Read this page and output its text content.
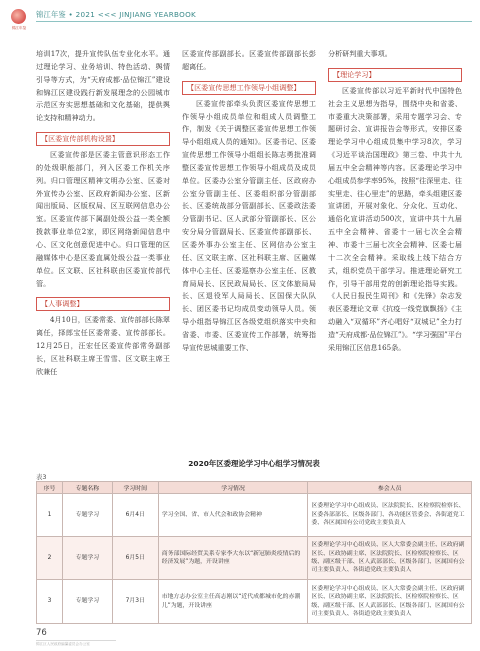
锦江年鉴
锦江年鉴 • 2021 <<< JINJIANG YEARBOOK

培训17次，提升宣传队伍专业化水平。通过理论学习、业务培训、特色活动、舆情引导等方式，为“天府成都·品位锦江”建设和锦江区建设践行新发展理念的公园城市示范区夯实思想基础和文化基础，提供舆论支持和精神动力。

【区委宣传部机构设置】

区委宣传部是区委主管意识形态工作的处级职能部门，列入区委工作机关序列。归口管理区精神文明办公室、区委对外宣传办公室、区政府新闻办公室、区新闻出版局、区版权局、区互联网信息办公室。区委宣传部下属副处级公益一类全额拨款事业单位2家，即区网络新闻信息中心、区文化创意促进中心。归口管理的区融媒体中心是区委直属处级公益一类事业单位。区文联、区社科联由区委宣传部代管。

【人事调整】

4月10日，区委常委、宣传部部长陈翠离任，择郎宝任区委常委、宣传部部长。12月25日，汪宏任区委宣传部常务副部长，区社科联主席王雪雪、区文联主席王欣兼任

区委宣传部副部长。区委宣传部副部长彭超离任。

【区委宣传思想工作领导小组调整】

区委宣传部牵头负责区委宣传思想工作领导小组成员单位和组成人员调整工作，制发《关于调整区委宣传思想工作领导小组组成人员的通知》。区委书记、区委宣传思想工作领导小组组长陈志勇批准调整区委宣传思想工作领导小组成员及成员单位。区委办公室分管副主任、区政府办公室分管副主任、区委组织部分管副部长、区委统战部分管副部长、区委政法委分管副书记、区人武部分管副部长、区公安分局分管副局长、区委宣传部副部长、区委外事办公室主任、区网信办公室主任、区文联主席、区社科联主席、区融媒体中心主任、区委巡察办公室主任、区教育局局长、区民政局局长、区文体旅局局长、区退役军人局局长、区国保大队队长、团区委书记均成员变动领导人员。领导小组指导锦江区各级党组织落实中央和省委、市委、区委宣传工作部署，统筹指导宣传思城重要工作、

分析研判重大事项。

【理论学习】

区委宣传部以习近平新时代中国特色社会主义思想为指导，围绕中央和省委、市委重大决策部署，采用专题学习会、专题研讨会、宣讲报告会等形式，安排区委理论学习中心组成员集中学习8次，学习《习近平谈治国理政》第三卷、中共十九届五中全会精神等内容。区委理论学习中心组成员参学率95%，按照“往深里走、往实里走、往心里走”的思路，牵头组建区委宣讲团，开展对象化、分众化、互动化、通俗化宣讲活动500次，宣讲中共十九届五中全会精神、省委十一届七次全会精神、市委十三届七次全会精神、区委七届十二次全会精神。采取线上线下结合方式，组织党员干部学习。推进理论研究工作，引导干部用党的创新理论指导实践。《人民日报民生周刊》和《先锋》杂志发表区委理论文章《抗疫一线党旗飘扬》《主动融入“双循环”齐心唱好“双城记”全力打造“天府成都·品位锦江”》。“学习强国”平台采用锦江区信息165条。

2020年区委理论学习中心组学习情况表
表3
序号	专题名称	学习时间	学习情况	参会人员
1	专题学习	6月4日	学习全国、省、市人代会和政协会精神	区委理论学习中心组成员、区法院院长、区检察院检察长、区委各部部长、区级各部门、各功能区管委会、各街道党工委、各区属国有公司党政主要负责人
2	专题学习	6月5日	商务部国际经贸关系专家李大东以“新冠肺炎疫情后的经济发展”为题，开设讲座	区委理论学习中心组成员、区人大常委会副主任、区政府副区长、区政协副主席、区法院院长、区检察院检察长、区级、副区级干部、区人武部部长、区级各部门、区属国有公司主要负责人、各街道党政主要负责人
3	专题学习	7月3日	市地方志办公室主任高志刚以“近代成都城市化的赤潮儿”为题，开设讲座	区委理论学习中心组成员、区人大常委会副主任、区政府副区长、区政协副主席、区法院院长、区检察院检察长、区级、副区级干部、区人武部部长、区级各部门、区属国有公司主要负责人、各街道党政主要负责人
76
锦江区人民政府编纂委员会办公室
